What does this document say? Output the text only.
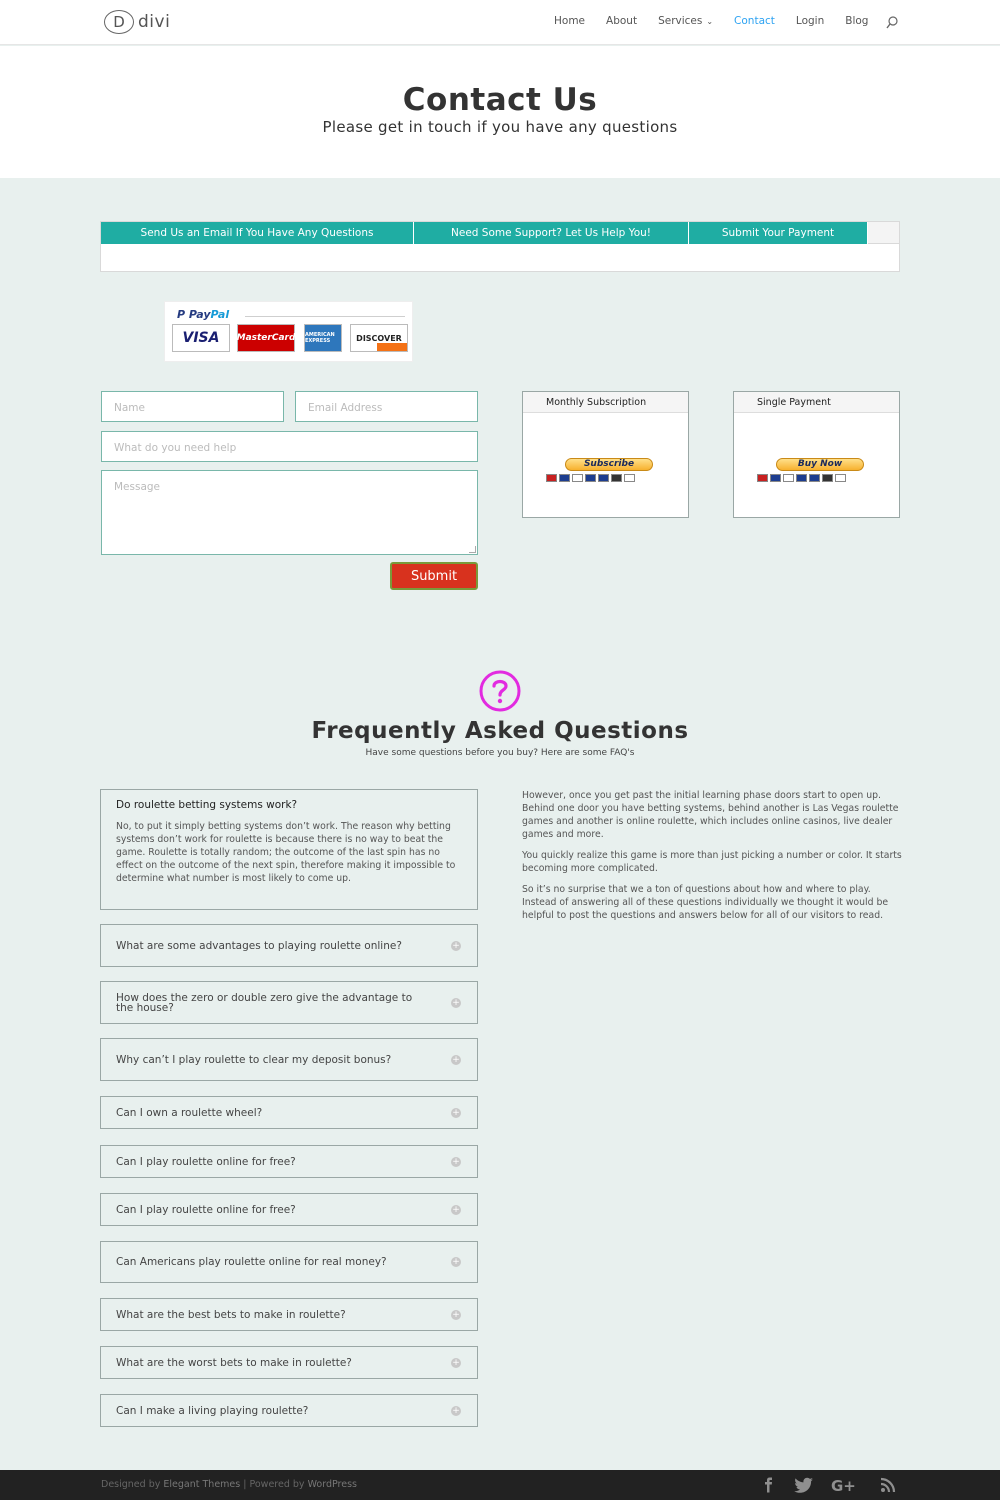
D divi	Home About Services ⌄ Contact Login Blog
Contact Us

Please get in touch if you have any questions

Send Us an Email If You Have Any Questions	Need Some Support? Let Us Help You!	Submit Your Payment
P PayPal
VISA	MasterCard AMERICAN EXPRESS	DISCOVER
Name	Email Address
What do you need help
Message
Submit
Monthly Subscription
Subscribe
Single Payment
Buy Now
Frequently Asked Questions
Have some questions before you buy? Here are some FAQ's
Do roulette betting systems work?

No, to put it simply betting systems don’t work. The reason why betting systems don’t work for roulette is because there is no way to beat the game. Roulette is totally random; the outcome of the last spin has no effect on the outcome of the next spin, therefore making it impossible to determine what number is most likely to come up.

What are some advantages to playing roulette online?	+
How does the zero or double zero give the advantage to the house?	+
Why can’t I play roulette to clear my deposit bonus?	+
Can I own a roulette wheel?	+
Can I play roulette online for free?	+
Can I play roulette online for free?	+
Can Americans play roulette online for real money?	+
What are the best bets to make in roulette?	+
What are the worst bets to make in roulette?	+
Can I make a living playing roulette?	+

However, once you get past the initial learning phase doors start to open up. Behind one door you have betting systems, behind another is Las Vegas roulette games and another is online roulette, which includes online casinos, live dealer games and more.

You quickly realize this game is more than just picking a number or color. It starts becoming more complicated.

So it’s no surprise that we a ton of questions about how and where to play. Instead of answering all of these questions individually we thought it would be helpful to post the questions and answers below for all of our visitors to read.

Designed by Elegant Themes | Powered by WordPress	G+
